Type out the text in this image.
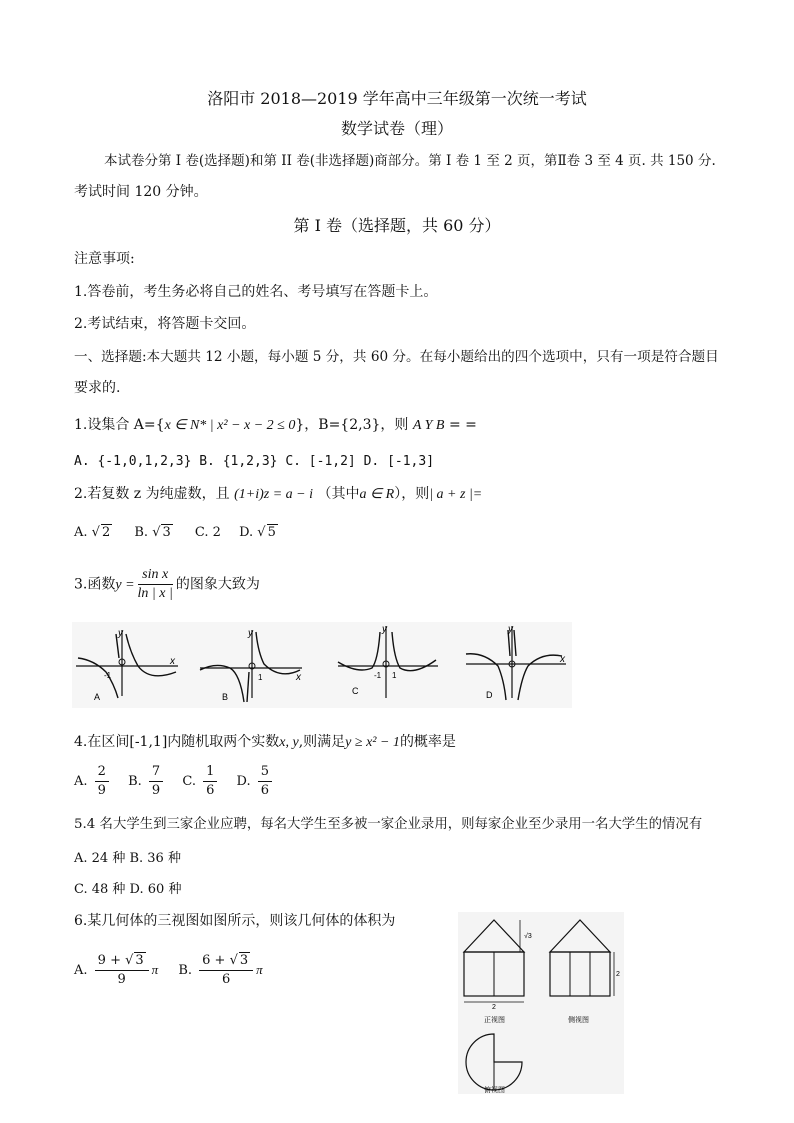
洛阳市 2018—2019 学年高中三年级第一次统一考试
数学试卷（理）
本试卷分第 I 卷(选择题)和第 II 卷(非选择题)商部分。第 I 卷 1 至 2 页，第Ⅱ卷 3 至 4 页. 共 150 分.
考试时间 120 分钟。
第 I 卷（选择题，共 60 分）
注意事项:
1.答卷前，考生务必将自己的姓名、考号填写在答题卡上。
2.考试结束，将答题卡交回。
一、选择题:本大题共 12 小题，每小题 5 分，共 60 分。在每小题给出的四个选项中，只有一项是符合题目
要求的.
1.设集合 A={x ∈ N* | x² − x − 2 ≤ 0}，B={2,3}，则 A Y B = =
A. {-1,0,1,2,3} B. {1,2,3} C. [-1,2] D. [-1,3]
2.若复数 z 为纯虚数，且 (1+i)z = a − i （其中a ∈ R），则| a + z |=
A. √ 2 B. √ 3 C. 2 D. √ 5
3.函数$y = \frac{\text{sin x}}{\ln | x |}$ 的图象大致为
x
y
-1
A
x
y
1
B
y
-1 1
C
x
y
D
4.在区间[-1,1]内随机取两个实数x, y,则满足y ≥ x² − 1的概率是
A. $\frac{2}{9} B$. $\frac{7}{9} C$. $\frac{1}{6} D$. $\frac{5}{6}$
5.4 名大学生到三家企业应聘，每名大学生至多被一家企业录用，则每家企业至少录用一名大学生的情况有
A. 24 种 B. 36 种
C. 48 种 D. 60 种
6.某几何体的三视图如图所示，则该几何体的体积为
A. $\frac{9 + √ 3}{9}$ π B. $\frac{6 + √ 3}{6}$ π
2
√3
正视图
2
侧视图
俯视图
